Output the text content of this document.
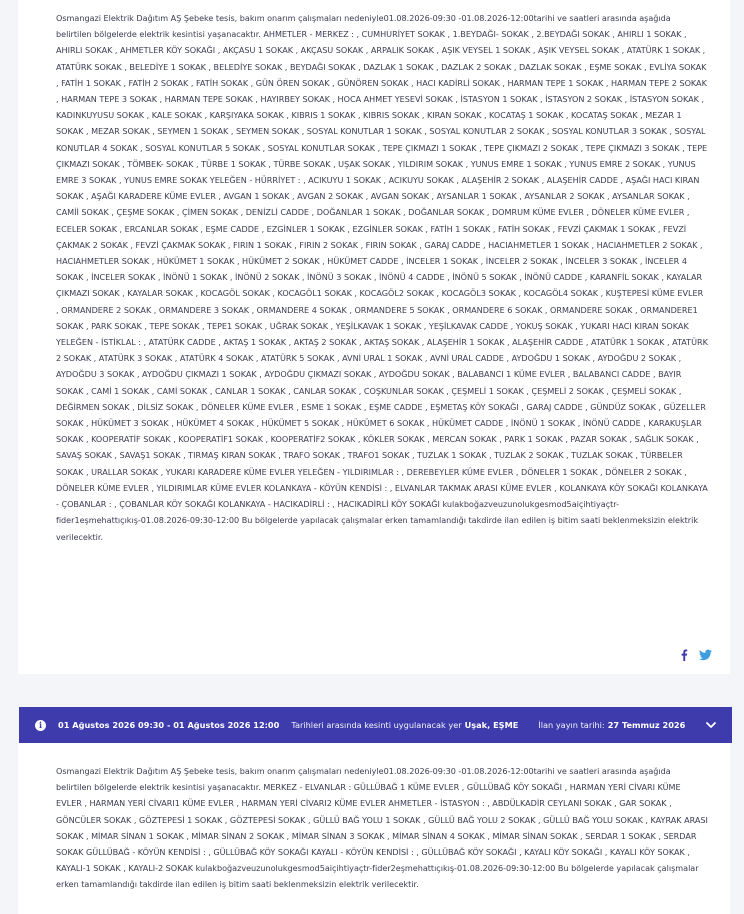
Osmangazi Elektrik Dağıtım AŞ Şebeke tesis, bakım onarım çalışmaları nedeniyle01.08.2026-09:30 -01.08.2026-12:00tarihi ve saatleri arasında aşağıda belirtilen bölgelerde elektrik kesintisi yaşanacaktır. AHMETLER - MERKEZ : , CUMHURİYET SOKAK , 1.BEYDAĞI- SOKAK , 2.BEYDAĞI SOKAK , AHIRLI 1 SOKAK , AHIRLI SOKAK , AHMETLER KÖY SOKAĞI , AKÇASU 1 SOKAK , AKÇASU SOKAK , ARPALIK SOKAK , AŞIK VEYSEL 1 SOKAK , AŞIK VEYSEL SOKAK , ATATÜRK 1 SOKAK , ATATÜRK SOKAK , BELEDİYE 1 SOKAK , BELEDİYE SOKAK , BEYDAĞI SOKAK , DAZLAK 1 SOKAK , DAZLAK 2 SOKAK , DAZLAK SOKAK , EŞME SOKAK , EVLİYA SOKAK , FATİH 1 SOKAK , FATİH 2 SOKAK , FATİH SOKAK , GÜN ÖREN SOKAK , GÜNÖREN SOKAK , HACI KADİRLİ SOKAK , HARMAN TEPE 1 SOKAK , HARMAN TEPE 2 SOKAK , HARMAN TEPE 3 SOKAK , HARMAN TEPE SOKAK , HAYIRBEY SOKAK , HOCA AHMET YESEVİ SOKAK , İSTASYON 1 SOKAK , İSTASYON 2 SOKAK , İSTASYON SOKAK , KADINKUYUSU SOKAK , KALE SOKAK , KARŞIYAKA SOKAK , KIBRIS 1 SOKAK , KIBRIS SOKAK , KIRAN SOKAK , KOCATAŞ 1 SOKAK , KOCATAŞ SOKAK , MEZAR 1 SOKAK , MEZAR SOKAK , SEYMEN 1 SOKAK , SEYMEN SOKAK , SOSYAL KONUTLAR 1 SOKAK , SOSYAL KONUTLAR 2 SOKAK , SOSYAL KONUTLAR 3 SOKAK , SOSYAL KONUTLAR 4 SOKAK , SOSYAL KONUTLAR 5 SOKAK , SOSYAL KONUTLAR SOKAK , TEPE ÇIKMAZI 1 SOKAK , TEPE ÇIKMAZI 2 SOKAK , TEPE ÇIKMAZI 3 SOKAK , TEPE ÇIKMAZI SOKAK , TÖMBEK- SOKAK , TÜRBE 1 SOKAK , TÜRBE SOKAK , UŞAK SOKAK , YILDIRIM SOKAK , YUNUS EMRE 1 SOKAK , YUNUS EMRE 2 SOKAK , YUNUS EMRE 3 SOKAK , YUNUS EMRE SOKAK YELEĞEN - HÜRRİYET : , ACIKUYU 1 SOKAK , ACIKUYU SOKAK , ALAŞEHİR 2 SOKAK , ALAŞEHİR CADDE , AŞAĞI HACI KIRAN SOKAK , AŞAĞI KARADERE KÜME EVLER , AVGAN 1 SOKAK , AVGAN 2 SOKAK , AVGAN SOKAK , AYSANLAR 1 SOKAK , AYSANLAR 2 SOKAK , AYSANLAR SOKAK , CAMİİ SOKAK , ÇEŞME SOKAK , ÇİMEN SOKAK , DENİZLİ CADDE , DOĞANLAR 1 SOKAK , DOĞANLAR SOKAK , DOMRUM KÜME EVLER , DÖNELER KÜME EVLER , ECELER SOKAK , ERCANLAR SOKAK , EŞME CADDE , EZGİNLER 1 SOKAK , EZGİNLER SOKAK , FATİH 1 SOKAK , FATİH SOKAK , FEVZİ ÇAKMAK 1 SOKAK , FEVZİ ÇAKMAK 2 SOKAK , FEVZİ ÇAKMAK SOKAK , FIRIN 1 SOKAK , FIRIN 2 SOKAK , FIRIN SOKAK , GARAJ CADDE , HACIAHMETLER 1 SOKAK , HACIAHMETLER 2 SOKAK , HACIAHMETLER SOKAK , HÜKÜMET 1 SOKAK , HÜKÜMET 2 SOKAK , HÜKÜMET CADDE , İNCELER 1 SOKAK , İNCELER 2 SOKAK , İNCELER 3 SOKAK , İNCELER 4 SOKAK , İNCELER SOKAK , İNÖNÜ 1 SOKAK , İNÖNÜ 2 SOKAK , İNÖNÜ 3 SOKAK , İNÖNÜ 4 CADDE , İNÖNÜ 5 SOKAK , İNÖNÜ CADDE , KARANFİL SOKAK , KAYALAR ÇIKMAZI SOKAK , KAYALAR SOKAK , KOCAGÖL SOKAK , KOCAGÖL1 SOKAK , KOCAGÖL2 SOKAK , KOCAGÖL3 SOKAK , KOCAGÖL4 SOKAK , KUŞTEPESİ KÜME EVLER , ORMANDERE 2 SOKAK , ORMANDERE 3 SOKAK , ORMANDERE 4 SOKAK , ORMANDERE 5 SOKAK , ORMANDERE 6 SOKAK , ORMANDERE SOKAK , ORMANDERE1 SOKAK , PARK SOKAK , TEPE SOKAK , TEPE1 SOKAK , UĞRAK SOKAK , YEŞİLKAVAK 1 SOKAK , YEŞİLKAVAK CADDE , YOKUŞ SOKAK , YUKARI HACI KIRAN SOKAK YELEĞEN - İSTİKLAL : , ATATÜRK CADDE , AKTAŞ 1 SOKAK , AKTAŞ 2 SOKAK , AKTAŞ SOKAK , ALAŞEHİR 1 SOKAK , ALAŞEHİR CADDE , ATATÜRK 1 SOKAK , ATATÜRK 2 SOKAK , ATATÜRK 3 SOKAK , ATATÜRK 4 SOKAK , ATATÜRK 5 SOKAK , AVNİ URAL 1 SOKAK , AVNİ URAL CADDE , AYDOĞDU 1 SOKAK , AYDOĞDU 2 SOKAK , AYDOĞDU 3 SOKAK , AYDOĞDU ÇIKMAZI 1 SOKAK , AYDOĞDU ÇIKMAZI SOKAK , AYDOĞDU SOKAK , BALABANCI 1 KÜME EVLER , BALABANCI CADDE , BAYIR SOKAK , CAMİ 1 SOKAK , CAMİ SOKAK , CANLAR 1 SOKAK , CANLAR SOKAK , COŞKUNLAR SOKAK , ÇEŞMELİ 1 SOKAK , ÇEŞMELİ 2 SOKAK , ÇEŞMELİ SOKAK , DEĞİRMEN SOKAK , DİLSİZ SOKAK , DÖNELER KÜME EVLER , ESME 1 SOKAK , EŞME CADDE , EŞMETAŞ KÖY SOKAĞI , GARAJ CADDE , GÜNDÜZ SOKAK , GÜZELLER SOKAK , HÜKÜMET 3 SOKAK , HÜKÜMET 4 SOKAK , HÜKÜMET 5 SOKAK , HÜKÜMET 6 SOKAK , HÜKÜMET CADDE , İNÖNÜ 1 SOKAK , İNÖNÜ CADDE , KARAKUŞLAR SOKAK , KOOPERATİF SOKAK , KOOPERATİF1 SOKAK , KOOPERATİF2 SOKAK , KÖKLER SOKAK , MERCAN SOKAK , PARK 1 SOKAK , PAZAR SOKAK , SAĞLIK SOKAK , SAVAŞ SOKAK , SAVAŞ1 SOKAK , TIRMAŞ KIRAN SOKAK , TRAFO SOKAK , TRAFO1 SOKAK , TUZLAK 1 SOKAK , TUZLAK 2 SOKAK , TUZLAK SOKAK , TÜRBELER SOKAK , URALLAR SOKAK , YUKARI KARADERE KÜME EVLER YELEĞEN - YILDIRIMLAR : , DEREBEYLER KÜME EVLER , DÖNELER 1 SOKAK , DÖNELER 2 SOKAK , DÖNELER KÜME EVLER , YILDIRIMLAR KÜME EVLER KOLANKAYA - KÖYÜN KENDİSİ : , ELVANLAR TAKMAK ARASI KÜME EVLER , KOLANKAYA KÖY SOKAĞI KOLANKAYA - ÇOBANLAR : , ÇOBANLAR KÖY SOKAĞI KOLANKAYA - HACIKADİRLİ : , HACIKADİRLİ KÖY SOKAĞI kulakboğazveuzunolukgesmod5aiçihtiyaçtr-fider1eşmehattıçıkış-01.08.2026-09:30-12:00 Bu bölgelerde yapılacak çalışmalar erken tamamlandığı takdirde ilan edilen iş bitim saati beklenmeksizin elektrik verilecektir.

i	01 Ağustos 2026 09:30 - 01 Ağustos 2026 12:00 Tarihleri arasında kesinti uygulanacak yer Uşak, EŞME İlan yayın tarihi: 27 Temmuz 2026

Osmangazi Elektrik Dağıtım AŞ Şebeke tesis, bakım onarım çalışmaları nedeniyle01.08.2026-09:30 -01.08.2026-12:00tarihi ve saatleri arasında aşağıda belirtilen bölgelerde elektrik kesintisi yaşanacaktır. MERKEZ - ELVANLAR : GÜLLÜBAĞ 1 KÜME EVLER , GÜLLÜBAĞ KÖY SOKAĞI , HARMAN YERİ CİVARI KÜME EVLER , HARMAN YERİ CİVARI1 KÜME EVLER , HARMAN YERİ CİVARI2 KÜME EVLER AHMETLER - İSTASYON : , ABDÜLKADİR CEYLANI SOKAK , GAR SOKAK , GÖNCÜLER SOKAK , GÖZTEPESİ 1 SOKAK , GÖZTEPESİ SOKAK , GÜLLÜ BAĞ YOLU 1 SOKAK , GÜLLÜ BAĞ YOLU 2 SOKAK , GÜLLÜ BAĞ YOLU SOKAK , KAYRAK ARASI SOKAK , MİMAR SİNAN 1 SOKAK , MİMAR SİNAN 2 SOKAK , MİMAR SİNAN 3 SOKAK , MİMAR SİNAN 4 SOKAK , MİMAR SİNAN SOKAK , SERDAR 1 SOKAK , SERDAR SOKAK GÜLLÜBAĞ - KÖYÜN KENDİSİ : , GÜLLÜBAĞ KÖY SOKAĞI KAYALI - KÖYÜN KENDİSİ : , GÜLLÜBAĞ KÖY SOKAĞI , KAYALI KÖY SOKAĞI , KAYALI KÖY SOKAK , KAYALI-1 SOKAK , KAYALI-2 SOKAK kulakboğazveuzunolukgesmod5aiçihtiyaçtr-fider2eşmehattıçıkış-01.08.2026-09:30-12:00 Bu bölgelerde yapılacak çalışmalar erken tamamlandığı takdirde ilan edilen iş bitim saati beklenmeksizin elektrik verilecektir.
